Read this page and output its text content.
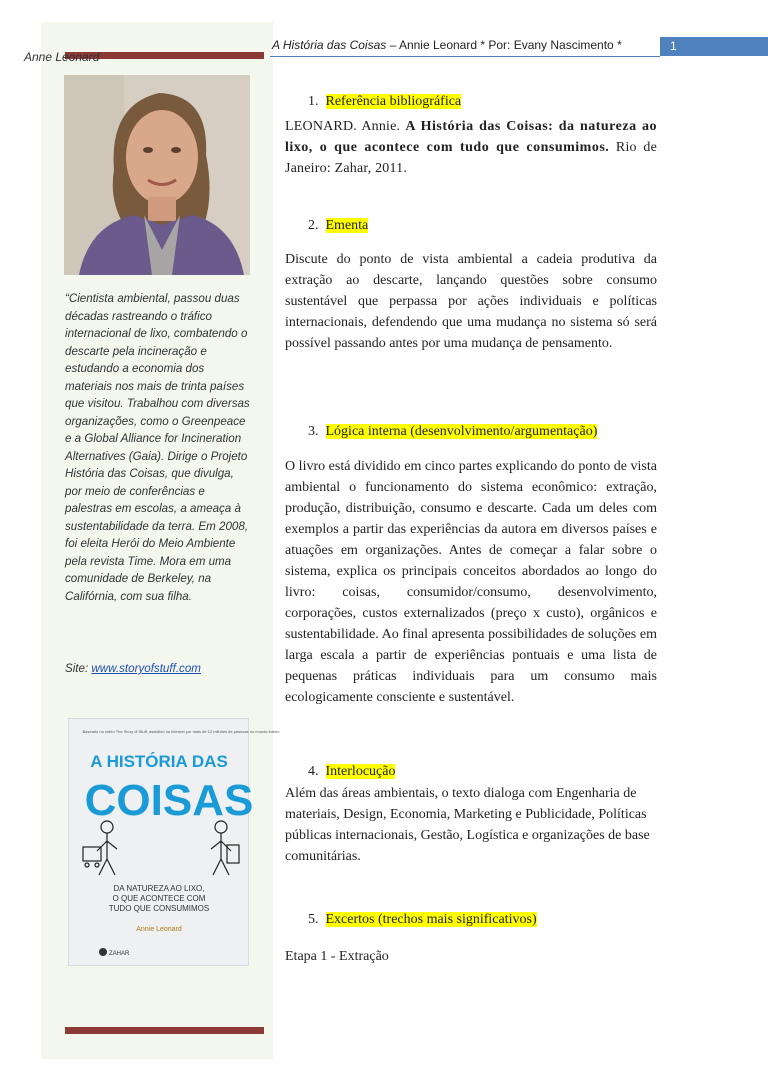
Anne Leonard

“Cientista ambiental, passou duas décadas rastreando o tráfico internacional de lixo, combatendo o descarte pela incineração e estudando a economia dos materiais nos mais de trinta países que visitou. Trabalhou com diversas organizações, como o Greenpeace e a Global Alliance for Incineration Alternatives (Gaia). Dirige o Projeto História das Coisas, que divulga, por meio de conferências e palestras em escolas, a ameaça à sustentabilidade da terra. Em 2008, foi eleita Herói do Meio Ambiente pela revista Time. Mora em uma comunidade de Berkeley, na Califórnia, com sua filha.

Site: www.storyofstuff.com
Baseado no vídeo The Story of Stuff, assistido na internet por mais de 12 milhões de pessoas no mundo inteiro
A HISTÓRIA DAS
COISAS
DA NATUREZA AO LIXO,
O QUE ACONTECE COM
TUDO QUE CONSUMIMOS
Annie Leonard
ZAHAR
A História das Coisas – Annie Leonard * Por: Evany Nascimento *	1
1. Referência bibliográfica

LEONARD. Annie. A História das Coisas: da natureza ao lixo, o que acontece com tudo que consumimos. Rio de Janeiro: Zahar, 2011.

2. Ementa

Discute do ponto de vista ambiental a cadeia produtiva da extração ao descarte, lançando questões sobre consumo sustentável que perpassa por ações individuais e políticas internacionais, defendendo que uma mudança no sistema só será possível passando antes por uma mudança de pensamento.

3. Lógica interna (desenvolvimento/argumentação)

O livro está dividido em cinco partes explicando do ponto de vista ambiental o funcionamento do sistema econômico: extração, produção, distribuição, consumo e descarte. Cada um deles com exemplos a partir das experiências da autora em diversos países e atuações em organizações. Antes de começar a falar sobre o sistema, explica os principais conceitos abordados ao longo do livro: coisas, consumidor/consumo, desenvolvimento, corporações, custos externalizados (preço x custo), orgânicos e sustentabilidade. Ao final apresenta possibilidades de soluções em larga escala a partir de experiências pontuais e uma lista de pequenas práticas individuais para um consumo mais ecologicamente consciente e sustentável.

4. Interlocução

Além das áreas ambientais, o texto dialoga com Engenharia de materiais, Design, Economia, Marketing e Publicidade, Políticas públicas internacionais, Gestão, Logística e organizações de base comunitárias.

5. Excertos (trechos mais significativos)

Etapa 1 - Extração
